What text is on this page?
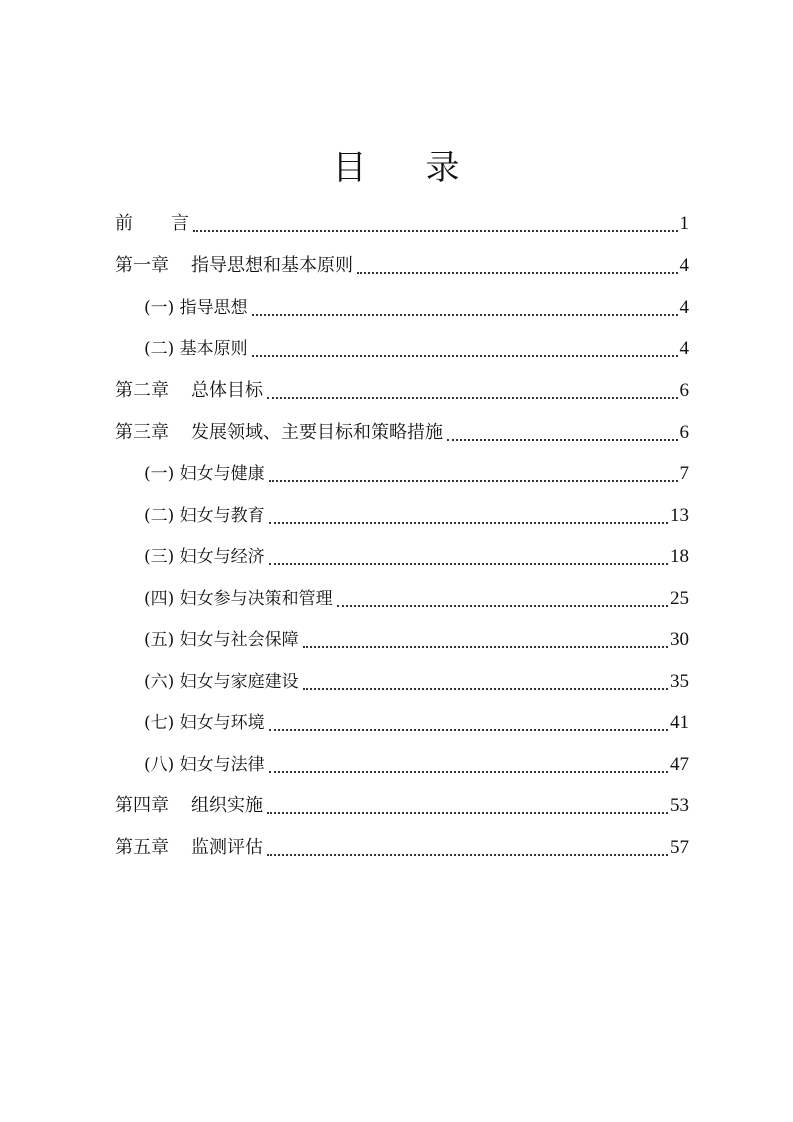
目 录
前 言	1
第一章 指导思想和基本原则	4
(一) 指导思想	4
(二) 基本原则	4
第二章 总体目标	6
第三章 发展领域、主要目标和策略措施	6
(一) 妇女与健康	7
(二) 妇女与教育	13
(三) 妇女与经济	18
(四) 妇女参与决策和管理	25
(五) 妇女与社会保障	30
(六) 妇女与家庭建设	35
(七) 妇女与环境	41
(八) 妇女与法律	47
第四章 组织实施	53
第五章 监测评估	57
